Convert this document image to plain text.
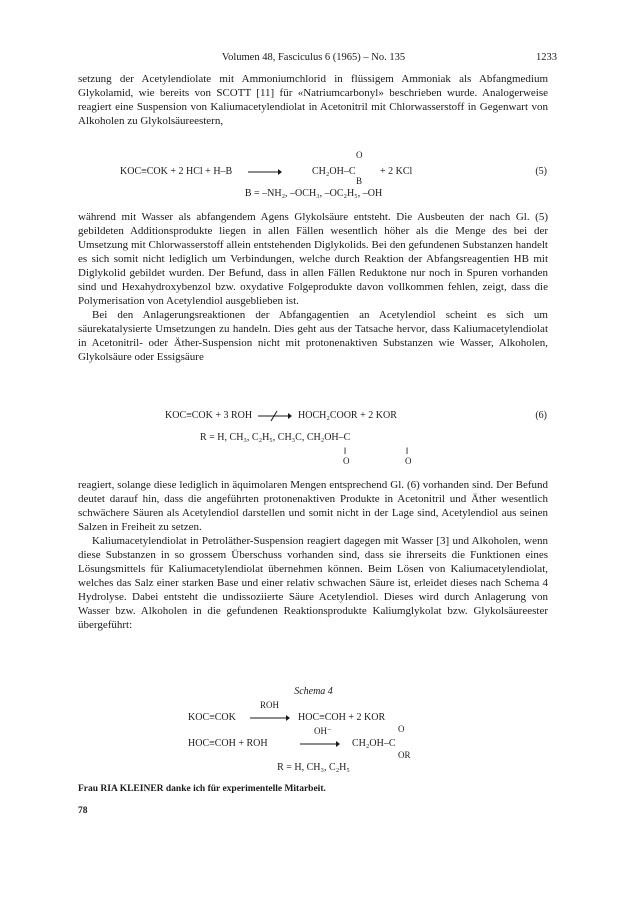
Volumen 48, Fasciculus 6 (1965) – No. 135	1233

setzung der Acetylendiolate mit Ammoniumchlorid in flüssigem Ammoniak als Abfangmedium Glykolamid, wie bereits von SCOTT [11] für «Natriumcarbonyl» beschrieben wurde. Analogerweise reagiert eine Suspension von Kaliumacetylendiolat in Acetonitril mit Chlorwasserstoff in Gegenwart von Alkoholen zu Glykolsäureestern,

KOC≡COK + 2 HCl + H–B	CH₂OH–C
O
B
+ 2 KCl	(5)
B = –NH₂, –OCH₃, –OC₂H₅, –OH

während mit Wasser als abfangendem Agens Glykolsäure entsteht. Die Ausbeuten der nach Gl. (5) gebildeten Additionsprodukte liegen in allen Fällen wesentlich höher als die Menge des bei der Umsetzung mit Chlorwasserstoff allein entstehenden Diglykolids. Bei den gefundenen Substanzen handelt es sich somit nicht lediglich um Verbindungen, welche durch Reaktion der Abfangsreagentien HB mit Diglykolid gebildet wurden. Der Befund, dass in allen Fällen Reduktone nur noch in Spuren vorhanden sind und Hexahydroxybenzol bzw. oxydative Folgeprodukte davon vollkommen fehlen, zeigt, dass die Polymerisation von Acetylendiol ausgeblieben ist.

Bei den Anlagerungsreaktionen der Abfangagentien an Acetylendiol scheint es sich um säurekatalysierte Umsetzungen zu handeln. Dies geht aus der Tatsache hervor, dass Kaliumacetylendiolat in Acetonitril- oder Äther-Suspension nicht mit protonenaktiven Substanzen wie Wasser, Alkoholen, Glykolsäure oder Essigsäure

KOC≡COK + 3 ROH	HOCH₂COOR + 2 KOR	(6)
R = H, CH₃, C₂H₅, CH₃C, CH₂OH–C
‖
O
‖
O

reagiert, solange diese lediglich in äquimolaren Mengen entsprechend Gl. (6) vorhanden sind. Der Befund deutet darauf hin, dass die angeführten protonenaktiven Produkte in Acetonitril und Äther wesentlich schwächere Säuren als Acetylendiol darstellen und somit nicht in der Lage sind, Acetylendiol aus seinen Salzen in Freiheit zu setzen.

Kaliumacetylendiolat in Petroläther-Suspension reagiert dagegen mit Wasser [3] und Alkoholen, wenn diese Substanzen in so grossem Überschuss vorhanden sind, dass sie ihrerseits die Funktionen eines Lösungsmittels für Kaliumacetylendiolat übernehmen können. Beim Lösen von Kaliumacetylendiolat, welches das Salz einer starken Base und einer relativ schwachen Säure ist, erleidet dieses nach Schema 4 Hydrolyse. Dabei entsteht die undissoziierte Säure Acetylendiol. Dieses wird durch Anlagerung von Wasser bzw. Alkoholen in die gefundenen Reaktionsprodukte Kaliumglykolat bzw. Glykolsäureester übergeführt:

Schema 4
ROH
KOC≡COK	HOC≡COH + 2 KOR
OH⁻
HOC≡COH + ROH	CH₂OH–C
O
OR
R = H, CH₃, C₂H₅
Frau RIA KLEINER danke ich für experimentelle Mitarbeit.
78
